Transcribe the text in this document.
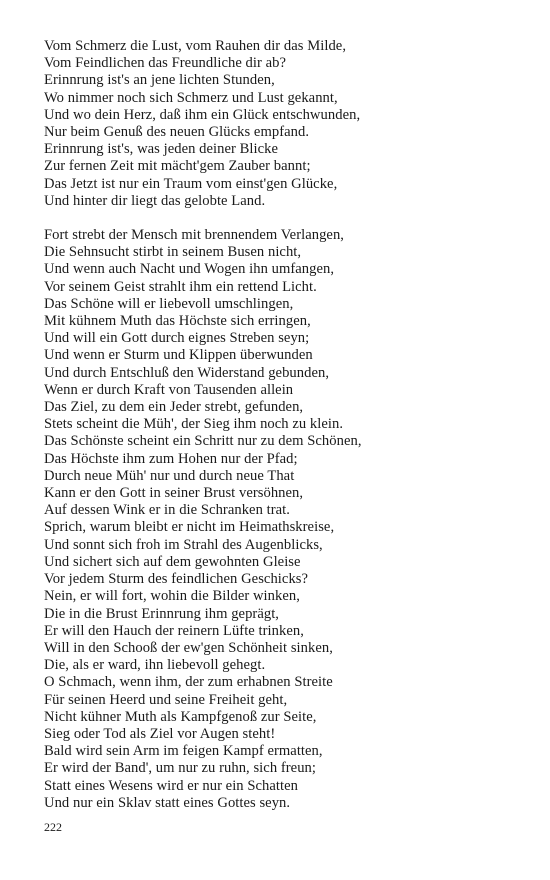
Vom Schmerz die Lust, vom Rauhen dir das Milde,
Vom Feindlichen das Freundliche dir ab?
Erinnrung ist's an jene lichten Stunden,
Wo nimmer noch sich Schmerz und Lust gekannt,
Und wo dein Herz, daß ihm ein Glück entschwunden,
Nur beim Genuß des neuen Glücks empfand.
Erinnrung ist's, was jeden deiner Blicke
Zur fernen Zeit mit mächt'gem Zauber bannt;
Das Jetzt ist nur ein Traum vom einst'gen Glücke,
Und hinter dir liegt das gelobte Land.
Fort strebt der Mensch mit brennendem Verlangen,
Die Sehnsucht stirbt in seinem Busen nicht,
Und wenn auch Nacht und Wogen ihn umfangen,
Vor seinem Geist strahlt ihm ein rettend Licht.
Das Schöne will er liebevoll umschlingen,
Mit kühnem Muth das Höchste sich erringen,
Und will ein Gott durch eignes Streben seyn;
Und wenn er Sturm und Klippen überwunden
Und durch Entschluß den Widerstand gebunden,
Wenn er durch Kraft von Tausenden allein
Das Ziel, zu dem ein Jeder strebt, gefunden,
Stets scheint die Müh', der Sieg ihm noch zu klein.
Das Schönste scheint ein Schritt nur zu dem Schönen,
Das Höchste ihm zum Hohen nur der Pfad;
Durch neue Müh' nur und durch neue That
Kann er den Gott in seiner Brust versöhnen,
Auf dessen Wink er in die Schranken trat.
Sprich, warum bleibt er nicht im Heimathskreise,
Und sonnt sich froh im Strahl des Augenblicks,
Und sichert sich auf dem gewohnten Gleise
Vor jedem Sturm des feindlichen Geschicks?
Nein, er will fort, wohin die Bilder winken,
Die in die Brust Erinnrung ihm geprägt,
Er will den Hauch der reinern Lüfte trinken,
Will in den Schooß der ew'gen Schönheit sinken,
Die, als er ward, ihn liebevoll gehegt.
O Schmach, wenn ihm, der zum erhabnen Streite
Für seinen Heerd und seine Freiheit geht,
Nicht kühner Muth als Kampfgenoß zur Seite,
Sieg oder Tod als Ziel vor Augen steht!
Bald wird sein Arm im feigen Kampf ermatten,
Er wird der Band', um nur zu ruhn, sich freun;
Statt eines Wesens wird er nur ein Schatten
Und nur ein Sklav statt eines Gottes seyn.
222
